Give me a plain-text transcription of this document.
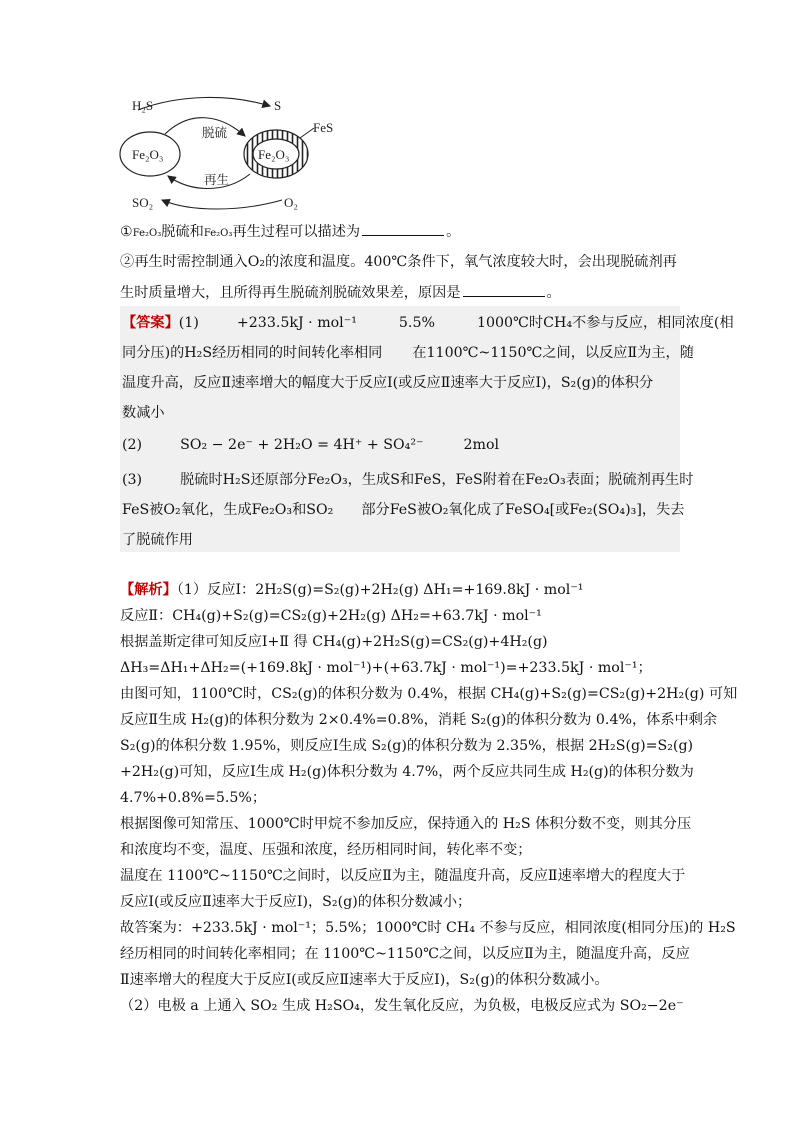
H₂S	S
FeS
脱硫
再生
Fe₂O₃	Fe₂O₃
SO₂	O₂
①Fe₂O₃脱硫和Fe₂O₃再生过程可以描述为	。
②再生时需控制通入O₂的浓度和温度。400℃条件下，氧气浓度较大时，会出现脱硫剂再
生时质量增大，且所得再生脱硫剂脱硫效果差，原因是	。
【答案】(1)	+233.5kJ · mol⁻¹	5.5%	1000℃时CH₄不参与反应，相同浓度(相
同分压)的H₂S经历相同的时间转化率相同 在1100℃~1150℃之间，以反应Ⅱ为主，随
温度升高，反应Ⅱ速率增大的幅度大于反应Ⅰ(或反应Ⅱ速率大于反应Ⅰ)，S₂(g)的体积分
数减小
(2)	SO₂ − 2e⁻ + 2H₂O = 4H⁺ + SO₄²⁻	2mol
(3)	脱硫时H₂S还原部分Fe₂O₃，生成S和FeS，FeS附着在Fe₂O₃表面；脱硫剂再生时
FeS被O₂氧化，生成Fe₂O₃和SO₂ 部分FeS被O₂氧化成了FeSO₄[或Fe₂(SO₄)₃]，失去
了脱硫作用
【解析】（1）反应Ⅰ：2H₂S(g)=S₂(g)+2H₂(g) ΔH₁=+169.8kJ · mol⁻¹
反应Ⅱ：CH₄(g)+S₂(g)=CS₂(g)+2H₂(g) ΔH₂=+63.7kJ · mol⁻¹
根据盖斯定律可知反应Ⅰ+Ⅱ 得 CH₄(g)+2H₂S(g)=CS₂(g)+4H₂(g)
ΔH₃=ΔH₁+ΔH₂=(+169.8kJ · mol⁻¹)+(+63.7kJ · mol⁻¹)=+233.5kJ · mol⁻¹；
由图可知，1100℃时，CS₂(g)的体积分数为 0.4%，根据 CH₄(g)+S₂(g)=CS₂(g)+2H₂(g) 可知
反应Ⅱ生成 H₂(g)的体积分数为 2×0.4%=0.8%，消耗 S₂(g)的体积分数为 0.4%，体系中剩余
S₂(g)的体积分数 1.95%，则反应Ⅰ生成 S₂(g)的体积分数为 2.35%，根据 2H₂S(g)=S₂(g)
+2H₂(g)可知，反应Ⅰ生成 H₂(g)体积分数为 4.7%，两个反应共同生成 H₂(g)的体积分数为
4.7%+0.8%=5.5%；
根据图像可知常压、1000℃时甲烷不参加反应，保持通入的 H₂S 体积分数不变，则其分压
和浓度均不变，温度、压强和浓度，经历相同时间，转化率不变；
温度在 1100℃~1150℃之间时，以反应Ⅱ为主，随温度升高，反应Ⅱ速率增大的程度大于
反应Ⅰ(或反应Ⅱ速率大于反应Ⅰ)，S₂(g)的体积分数减小；
故答案为：+233.5kJ · mol⁻¹；5.5%；1000℃时 CH₄ 不参与反应，相同浓度(相同分压)的 H₂S
经历相同的时间转化率相同；在 1100℃~1150℃之间，以反应Ⅱ为主，随温度升高，反应
Ⅱ速率增大的程度大于反应Ⅰ(或反应Ⅱ速率大于反应Ⅰ)，S₂(g)的体积分数减小。
（2）电极 a 上通入 SO₂ 生成 H₂SO₄，发生氧化反应，为负极，电极反应式为 SO₂−2e⁻
